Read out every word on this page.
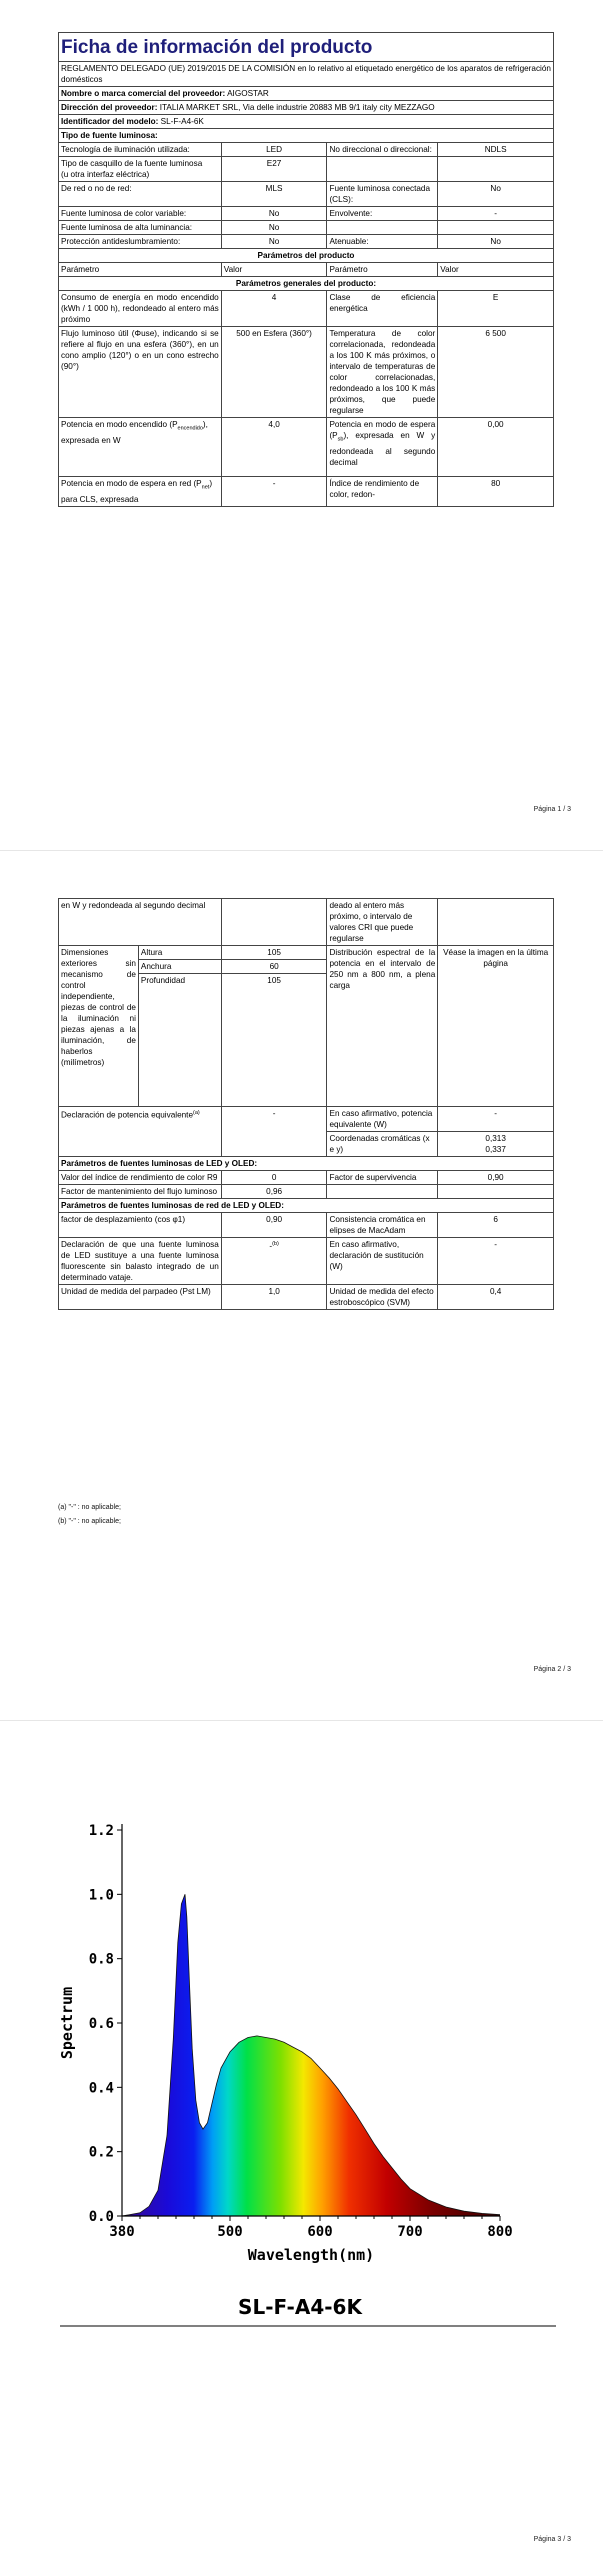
Ficha de información del producto			
REGLAMENTO DELEGADO (UE) 2019/2015 DE LA COMISIÓN en lo relativo al etiquetado energético de los aparatos de refrigeración domésticos			
Nombre o marca comercial del proveedor: AIGOSTAR			
Dirección del proveedor: ITALIA MARKET SRL, Via delle industrie 20883 MB 9/1 italy city MEZZAGO			
Identificador del modelo: SL-F-A4-6K			
Tipo de fuente luminosa:			
Tecnología de iluminación utilizada:	LED	No direccional o direccional:	NDLS
Tipo de casquillo de la fuente luminosa
(u otra interfaz eléctrica)	E27		
De red o no de red:	MLS	Fuente luminosa conectada (CLS):	No
Fuente luminosa de color variable:	No	Envolvente:	-
Fuente luminosa de alta luminancia:	No		
Protección antideslumbramiento:	No	Atenuable:	No
Parámetros del producto			
Parámetro	Valor	Parámetro	Valor
Parámetros generales del producto:			
Consumo de energía en modo encendido (kWh / 1 000 h), redondeado al entero más próximo	4	Clase de eficiencia energética	E
Flujo luminoso útil (Φuse), indicando si se refiere al flujo en una esfera (360°), en un cono amplio (120°) o en un cono estrecho (90°)	500 en Esfera (360°)	Temperatura de color correlacionada, redondeada a los 100 K más próximos, o intervalo de temperaturas de color correlacionadas, redondeado a los 100 K más próximos, que puede regularse	6 500
Potencia en modo encendido $(P_{encendido})$, expresada en W	4,0	Potencia en modo de espera $(P_{sb})$, expresada en W y redondeada al segundo decimal	0,00
Potencia en modo de espera en red $(P_{net})$ para CLS, expresada	-	Índice de rendimiento de color, redon-	80
Página 1 / 3
en W y redondeada al segundo decimal			deado al entero más próximo, o intervalo de valores CRI que puede regularse	
Dimensiones exteriores sin mecanismo de control independiente, piezas de control de la iluminación ni piezas ajenas a la iluminación, de haberlos (milímetros)	Altura	105	Distribución espectral de la potencia en el intervalo de 250 nm a 800 nm, a plena carga	Véase la imagen en la última página
	Anchura	60		
	Profundidad	105		
Declaración de potencia equivalente$^{(a)}$		-	En caso afirmativo, potencia equivalente (W)	-
			Coordenadas cromáticas (x e y)	0,313
0,337

Parámetros de fuentes luminosas de LED y OLED:				
Valor del índice de rendimiento de color R9		0	Factor de supervivencia	0,90
Factor de mantenimiento del flujo luminoso		0,96		
Parámetros de fuentes luminosas de red de LED y OLED:				
factor de desplazamiento (cos φ1)		0,90	Consistencia cromática en elipses de MacAdam	6
Declaración de que una fuente luminosa de LED sustituye a una fuente luminosa fluorescente sin balasto integrado de un determinado vataje.		-$^{(b)}$	En caso afirmativo, declaración de sustitución (W)	-
Unidad de medida del parpadeo (Pst LM)		1,0	Unidad de medida del efecto estroboscópico (SVM)	0,4
(a) "-" : no aplicable;
(b) "-" : no aplicable;
Página 2 / 3
0.0
0.2
0.4
0.6
0.8
1.0
1.2
380	500	600	700	800
Wavelength(nm)
Spectrum
SL-F-A4-6K
Página 3 / 3
